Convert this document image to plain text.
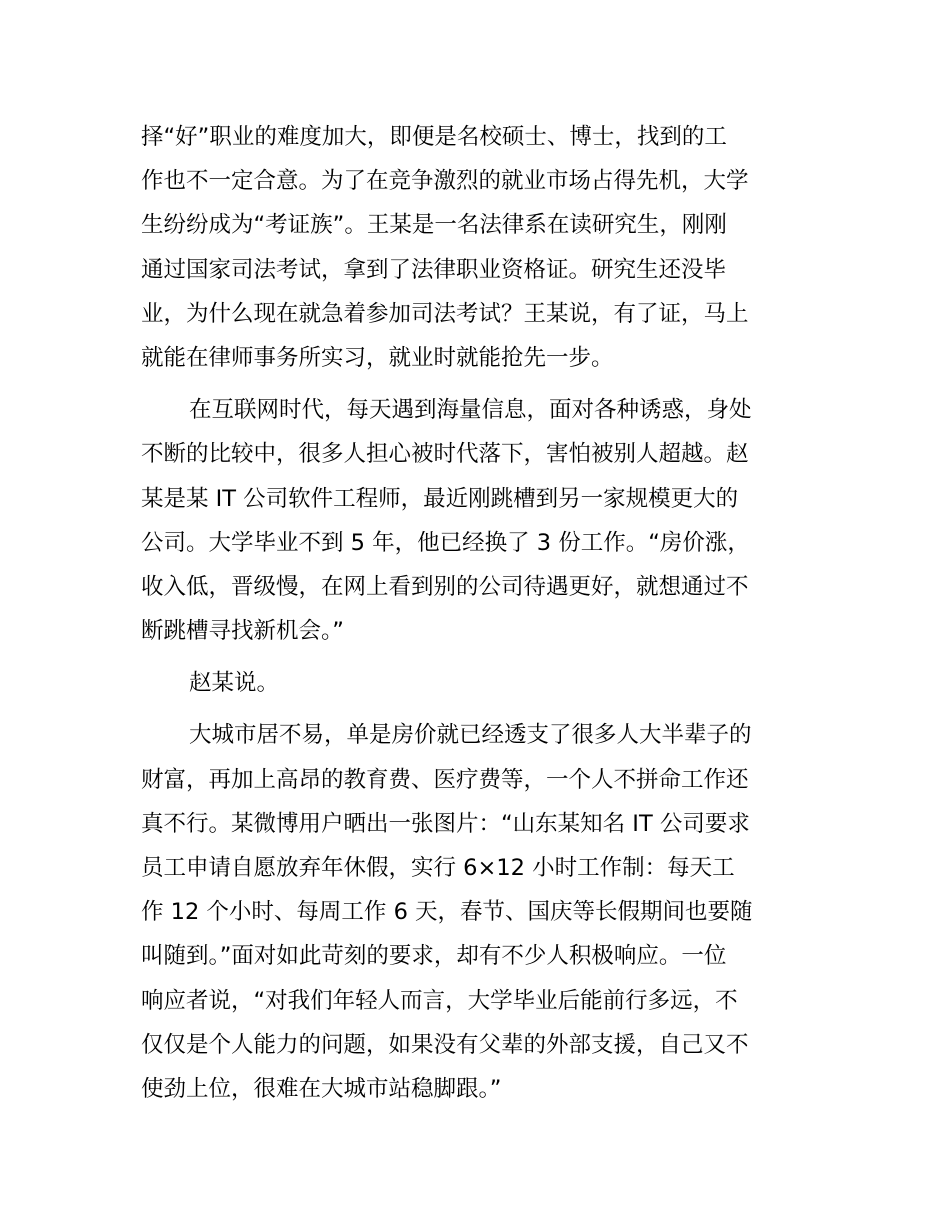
择“好”职业的难度加大，即便是名校硕士、博士，找到的工
作也不一定合意。为了在竞争激烈的就业市场占得先机，大学
生纷纷成为“考证族”。王某是一名法律系在读研究生，刚刚
通过国家司法考试，拿到了法律职业资格证。研究生还没毕
业，为什么现在就急着参加司法考试？王某说，有了证，马上
就能在律师事务所实习，就业时就能抢先一步。
在互联网时代，每天遇到海量信息，面对各种诱惑，身处
不断的比较中，很多人担心被时代落下，害怕被别人超越。赵
某是某 IT 公司软件工程师，最近刚跳槽到另一家规模更大的
公司。大学毕业不到 5 年，他已经换了 3 份工作。“房价涨，
收入低，晋级慢，在网上看到别的公司待遇更好，就想通过不
断跳槽寻找新机会。”
赵某说。
大城市居不易，单是房价就已经透支了很多人大半辈子的
财富，再加上高昂的教育费、医疗费等，一个人不拼命工作还
真不行。某微博用户晒出一张图片：“山东某知名 IT 公司要求
员工申请自愿放弃年休假，实行 6×12 小时工作制：每天工
作 12 个小时、每周工作 6 天，春节、国庆等长假期间也要随
叫随到。”面对如此苛刻的要求，却有不少人积极响应。一位
响应者说，“对我们年轻人而言，大学毕业后能前行多远，不
仅仅是个人能力的问题，如果没有父辈的外部支援，自己又不
使劲上位，很难在大城市站稳脚跟。”
